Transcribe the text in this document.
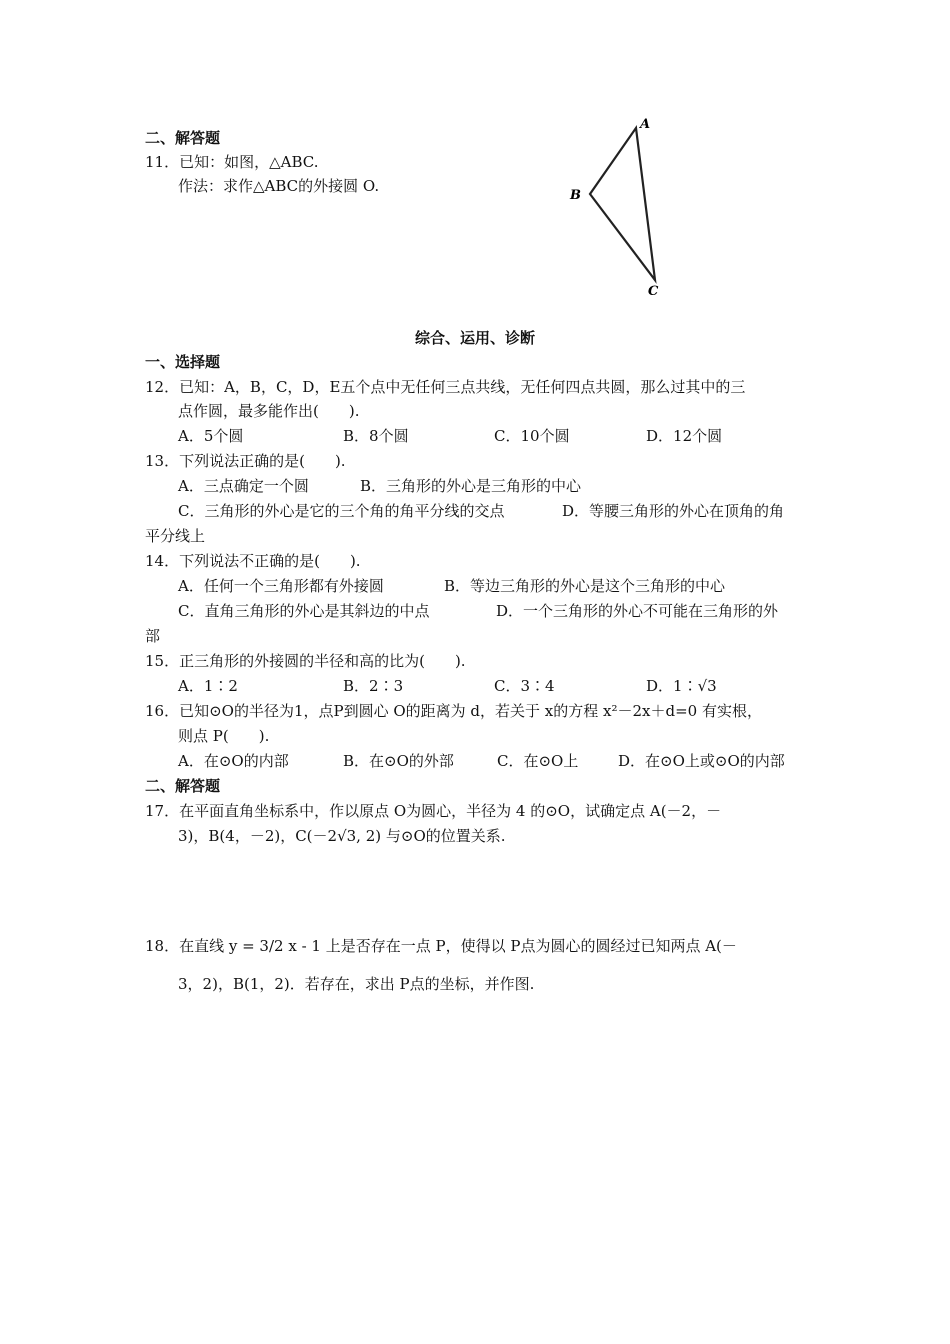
二、解答题
11．已知：如图，△ABC.
作法：求作△ABC的外接圆 O.
A
B
C
综合、运用、诊断
一、选择题
12．已知：A，B，C，D，E五个点中无任何三点共线，无任何四点共圆，那么过其中的三
点作圆，最多能作出(　　).
A．5个圆	B．8个圆	C．10个圆	D．12个圆
13．下列说法正确的是(　　).
A．三点确定一个圆	B．三角形的外心是三角形的中心
C．三角形的外心是它的三个角的角平分线的交点	D．等腰三角形的外心在顶角的角
平分线上
14．下列说法不正确的是(　　).
A．任何一个三角形都有外接圆	B．等边三角形的外心是这个三角形的中心
C．直角三角形的外心是其斜边的中点	D．一个三角形的外心不可能在三角形的外
部
15．正三角形的外接圆的半径和高的比为(　　).
A．1∶2	B．2∶3	C．3∶4	D．1∶√3
16．已知⊙O的半径为1，点P到圆心 O的距离为 d，若关于 x的方程 x²－2x＋d=0 有实根，
则点 P(　　).
A．在⊙O的内部	B．在⊙O的外部	C．在⊙O上	D．在⊙O上或⊙O的内部
二、解答题
17．在平面直角坐标系中，作以原点 O为圆心，半径为 4 的⊙O，试确定点 A(－2，－
3)，B(4，－2)，C(－2√3, 2) 与⊙O的位置关系.
18．在直线 y = 3/2 x - 1 上是否存在一点 P，使得以 P点为圆心的圆经过已知两点 A(－
3，2)，B(1，2)．若存在，求出 P点的坐标，并作图.
